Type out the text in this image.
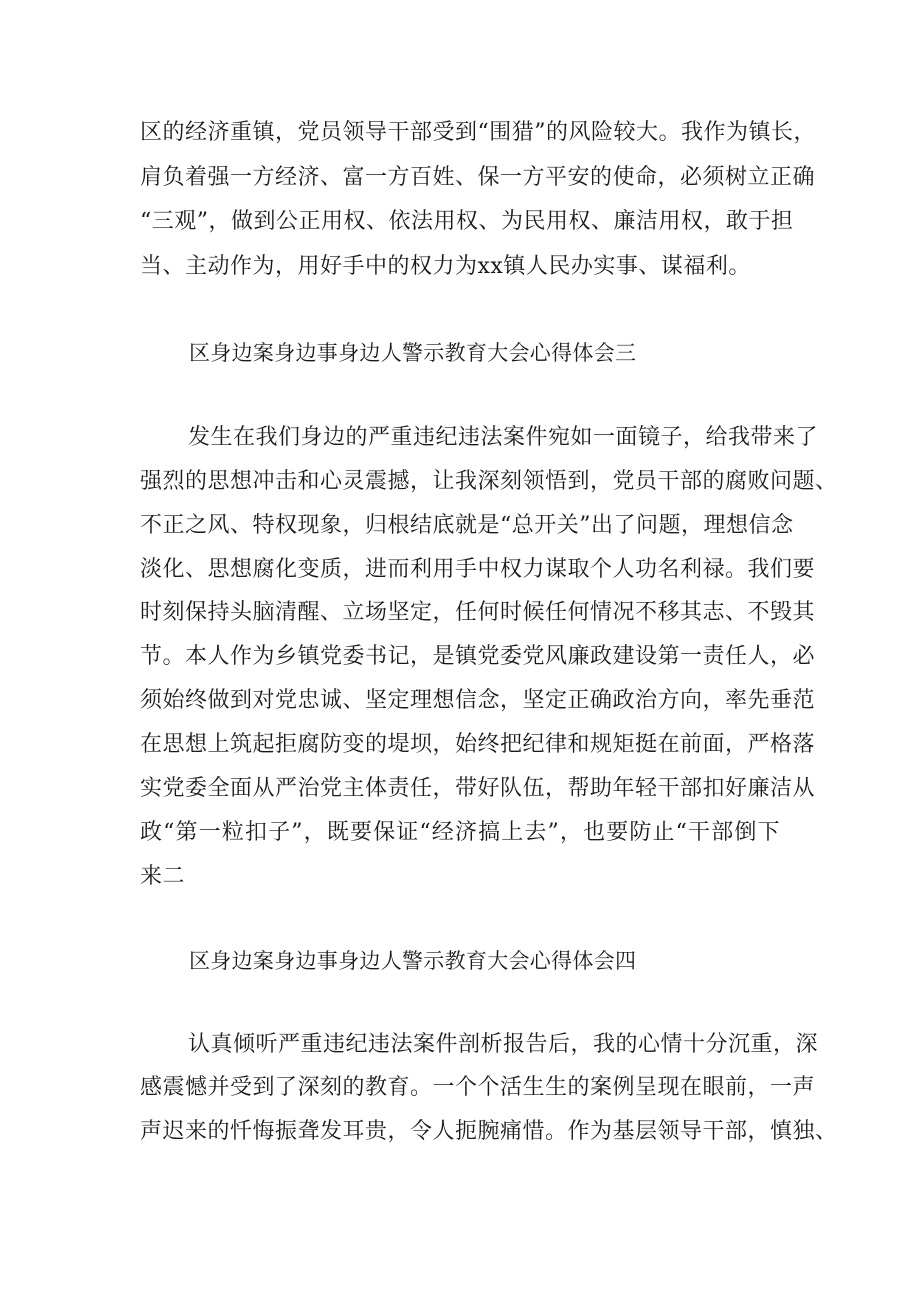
区的经济重镇，党员领导干部受到“围猎”的风险较大。我作为镇长，
肩负着强一方经济、富一方百姓、保一方平安的使命，必须树立正确
“三观”，做到公正用权、依法用权、为民用权、廉洁用权，敢于担
当、主动作为，用好手中的权力为xx镇人民办实事、谋福利。
区身边案身边事身边人警示教育大会心得体会三
发生在我们身边的严重违纪违法案件宛如一面镜子，给我带来了
强烈的思想冲击和心灵震撼，让我深刻领悟到，党员干部的腐败问题、
不正之风、特权现象，归根结底就是“总开关”出了问题，理想信念
淡化、思想腐化变质，进而利用手中权力谋取个人功名利禄。我们要
时刻保持头脑清醒、立场坚定，任何时候任何情况不移其志、不毁其
节。本人作为乡镇党委书记，是镇党委党风廉政建设第一责任人，必
须始终做到对党忠诚、坚定理想信念，坚定正确政治方向，率先垂范
在思想上筑起拒腐防变的堤坝，始终把纪律和规矩挺在前面，严格落
实党委全面从严治党主体责任，带好队伍，帮助年轻干部扣好廉洁从
政“第一粒扣子”，既要保证“经济搞上去”，也要防止“干部倒下
来二
区身边案身边事身边人警示教育大会心得体会四
认真倾听严重违纪违法案件剖析报告后，我的心情十分沉重，深
感震憾并受到了深刻的教育。一个个活生生的案例呈现在眼前，一声
声迟来的忏悔振聋发耳贵，令人扼腕痛惜。作为基层领导干部，慎独、
